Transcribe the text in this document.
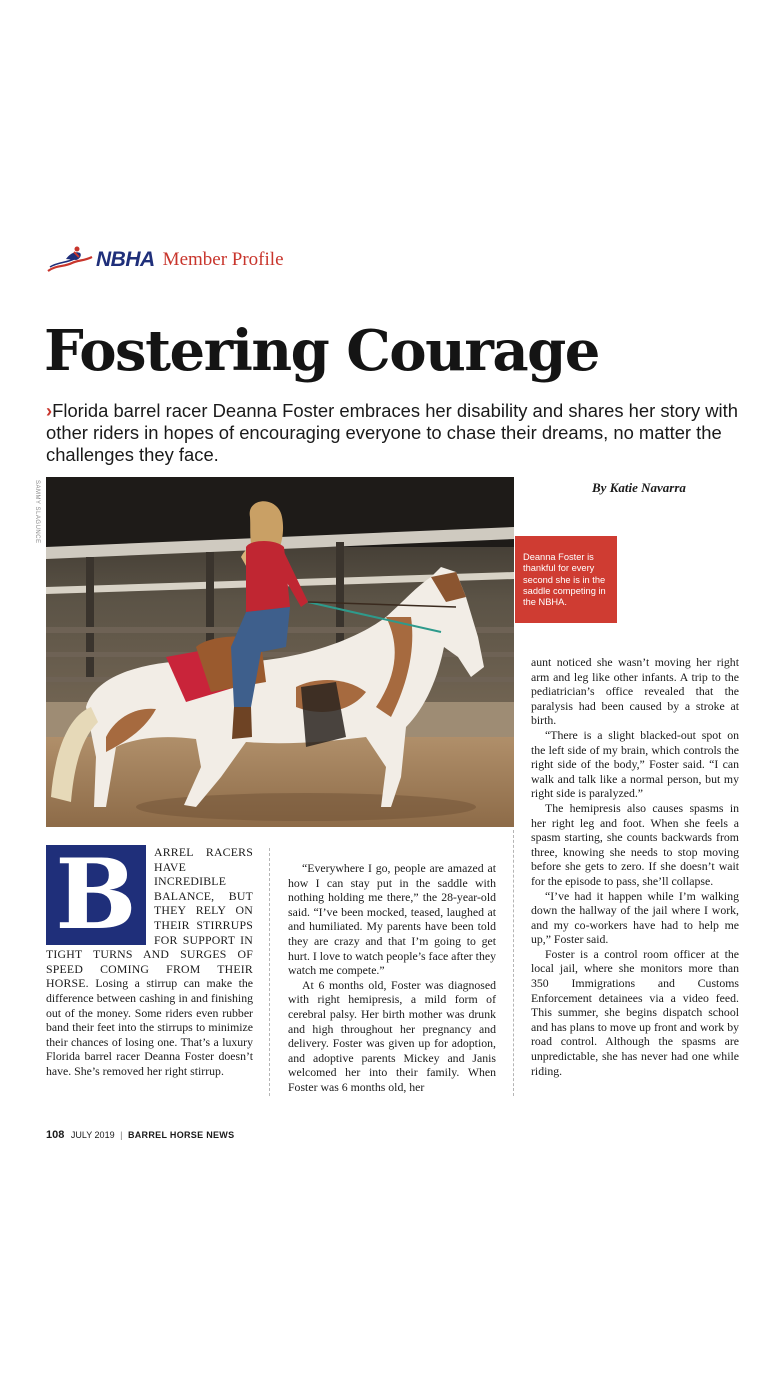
NBHA Member Profile
Fostering Courage
›Florida barrel racer Deanna Foster embraces her disability and shares her story with other riders in hopes of encouraging everyone to chase their dreams, no matter the challenges they face.
SAMMY SLAGUNCE	By Katie Navarra
Deanna Foster is thankful for every second she is in the saddle competing in the NBHA.
B	ARREL RACERS HAVE INCREDIBLE BALANCE, BUT THEY RELY ON THEIR STIRRUPS FOR SUPPORT IN TIGHT TURNS AND SURGES OF SPEED COMING FROM THEIR HORSE. Losing a stirrup can make the difference between cashing in and finishing out of the money. Some riders even rubber band their feet into the stirrups to minimize their chances of losing one. That’s a luxury Florida barrel racer Deanna Foster doesn’t have. She’s removed her right stirrup.

“Everywhere I go, people are amazed at how I can stay put in the saddle with nothing holding me there,” the 28-year-old said. “I’ve been mocked, teased, laughed at and humiliated. My parents have been told they are crazy and that I’m going to get hurt. I love to watch people’s face after they watch me compete.”

At 6 months old, Foster was diagnosed with right hemipresis, a mild form of cerebral palsy. Her birth mother was drunk and high throughout her pregnancy and delivery. Foster was given up for adoption, and adoptive parents Mickey and Janis welcomed her into their family. When Foster was 6 months old, her

aunt noticed she wasn’t moving her right arm and leg like other infants. A trip to the pediatrician’s office revealed that the paralysis had been caused by a stroke at birth.

“There is a slight blacked-out spot on the left side of my brain, which controls the right side of the body,” Foster said. “I can walk and talk like a normal person, but my right side is paralyzed.”

The hemipresis also causes spasms in her right leg and foot. When she feels a spasm starting, she counts backwards from three, knowing she needs to stop moving before she gets to zero. If she doesn’t wait for the episode to pass, she’ll collapse.

“I’ve had it happen while I’m walking down the hallway of the jail where I work, and my co-workers have had to help me up,” Foster said.

Foster is a control room officer at the local jail, where she monitors more than 350 Immigrations and Customs Enforcement detainees via a video feed. This summer, she begins dispatch school and has plans to move up front and work by road control. Although the spasms are unpredictable, she has never had one while riding.

108 JULY 2019 | BARREL HORSE NEWS
